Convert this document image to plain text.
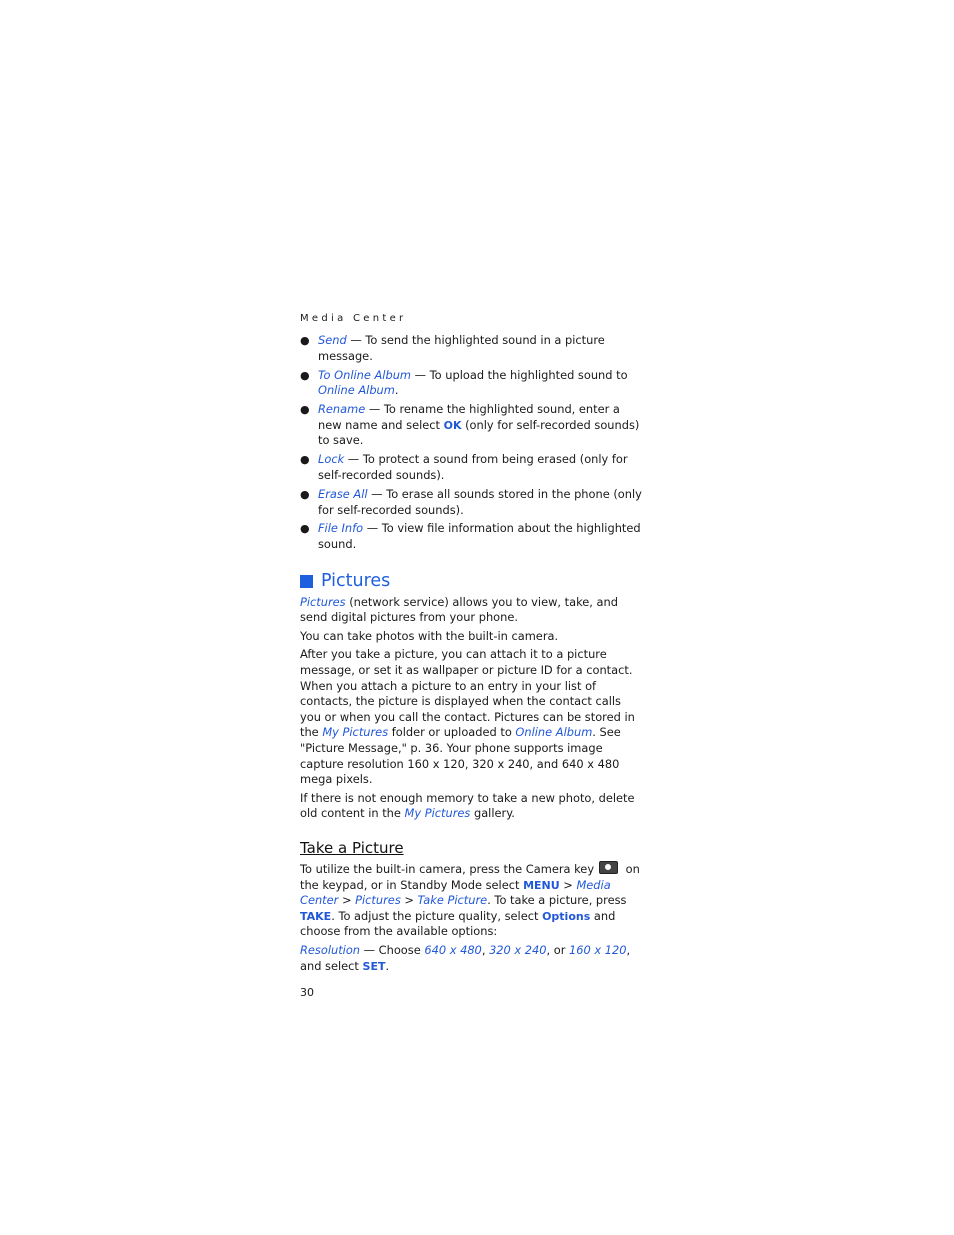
Media Center
● Send — To send the highlighted sound in a picture message.
● To Online Album — To upload the highlighted sound to Online Album.
● Rename — To rename the highlighted sound, enter a new name and select OK (only for self-recorded sounds) to save.
● Lock — To protect a sound from being erased (only for self-recorded sounds).
● Erase All — To erase all sounds stored in the phone (only for self-recorded sounds).
● File Info — To view file information about the highlighted sound.
Pictures

Pictures (network service) allows you to view, take, and send digital pictures from your phone.

You can take photos with the built-in camera.

After you take a picture, you can attach it to a picture message, or set it as wallpaper or picture ID for a contact. When you attach a picture to an entry in your list of contacts, the picture is displayed when the contact calls you or when you call the contact. Pictures can be stored in the My Pictures folder or uploaded to Online Album. See "Picture Message," p. 36. Your phone supports image capture resolution 160 x 120, 320 x 240, and 640 x 480 mega pixels.

If there is not enough memory to take a new photo, delete old content in the My Pictures gallery.

Take a Picture

To utilize the built-in camera, press the Camera key on the keypad, or in Standby Mode select MENU > Media Center > Pictures > Take Picture. To take a picture, press TAKE. To adjust the picture quality, select Options and choose from the available options:

Resolution — Choose 640 x 480, 320 x 240, or 160 x 120, and select SET.

30
